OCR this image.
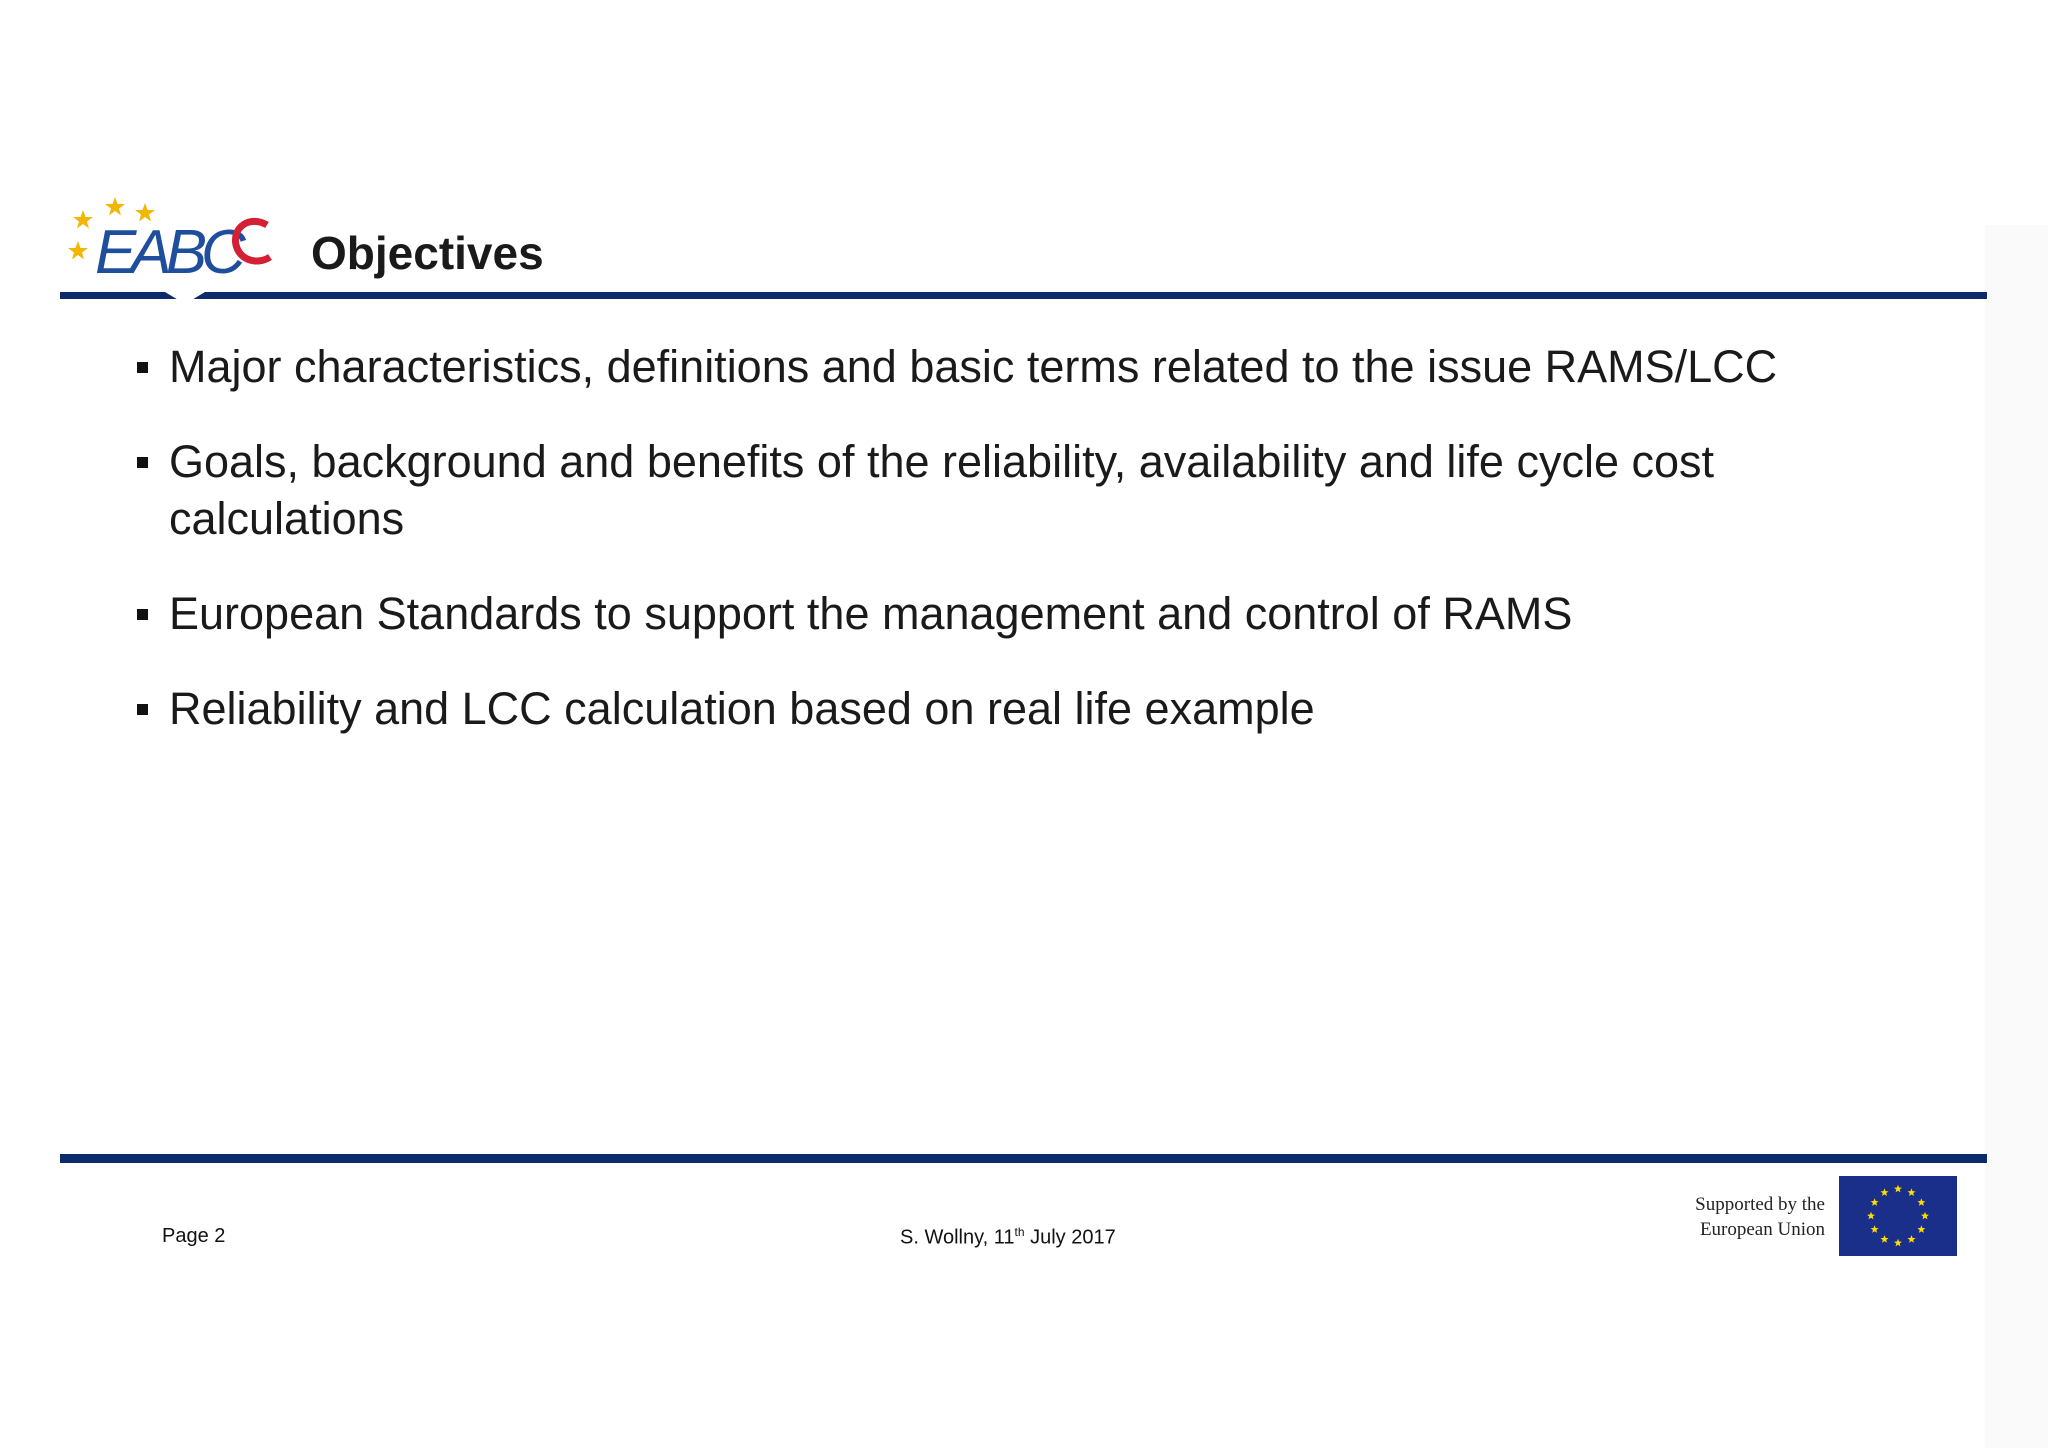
EABC Objectives
Major characteristics, definitions and basic terms related to the issue RAMS/LCC
Goals, background and benefits of the reliability, availability and life cycle cost calculations
European Standards to support the management and control of RAMS
Reliability and LCC calculation based on real life example
Page 2	S. Wollny, 11th July 2017
Supported by the
European Union
